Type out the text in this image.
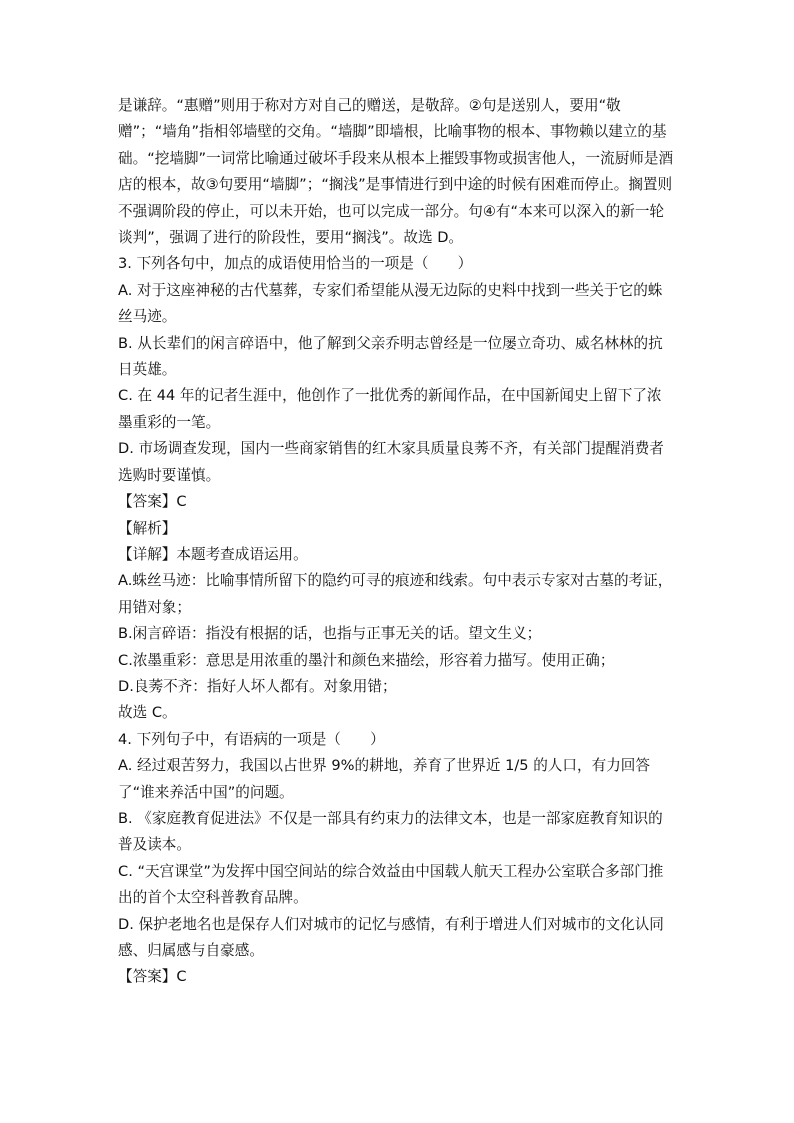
是谦辞。“惠赠”则用于称对方对自己的赠送，是敬辞。②句是送别人，要用“敬赠”；“墙角”指相邻墙壁的交角。“墙脚”即墙根，比喻事物的根本、事物赖以建立的基础。“挖墙脚”一词常比喻通过破坏手段来从根本上摧毁事物或损害他人，一流厨师是酒店的根本，故③句要用“墙脚”；“搁浅”是事情进行到中途的时候有困难而停止。搁置则不强调阶段的停止，可以未开始，也可以完成一部分。句④有“本来可以深入的新一轮谈判”，强调了进行的阶段性，要用“搁浅”。故选 D。

3. 下列各句中，加点的成语使用恰当的一项是（　　）

A. 对于这座神秘的古代墓葬，专家们希望能从漫无边际的史料中找到一些关于它的蛛丝马迹。

B. 从长辈们的闲言碎语中，他了解到父亲乔明志曾经是一位屡立奇功、威名林林的抗日英雄。

C. 在 44 年的记者生涯中，他创作了一批优秀的新闻作品，在中国新闻史上留下了浓墨重彩的一笔。

D. 市场调查发现，国内一些商家销售的红木家具质量良莠不齐，有关部门提醒消费者选购时要谨慎。

【答案】C

【解析】

【详解】本题考查成语运用。

A.蛛丝马迹：比喻事情所留下的隐约可寻的痕迹和线索。句中表示专家对古墓的考证，用错对象；

B.闲言碎语：指没有根据的话，也指与正事无关的话。望文生义；

C.浓墨重彩：意思是用浓重的墨汁和颜色来描绘，形容着力描写。使用正确；

D.良莠不齐：指好人坏人都有。对象用错；

故选 C。

4. 下列句子中，有语病的一项是（　　）

A. 经过艰苦努力，我国以占世界 9%的耕地，养育了世界近 1/5 的人口，有力回答了“谁来养活中国”的问题。

B. 《家庭教育促进法》不仅是一部具有约束力的法律文本，也是一部家庭教育知识的普及读本。

C. “天宫课堂”为发挥中国空间站的综合效益由中国载人航天工程办公室联合多部门推出的首个太空科普教育品牌。

D. 保护老地名也是保存人们对城市的记忆与感情，有利于增进人们对城市的文化认同感、归属感与自豪感。

【答案】C
